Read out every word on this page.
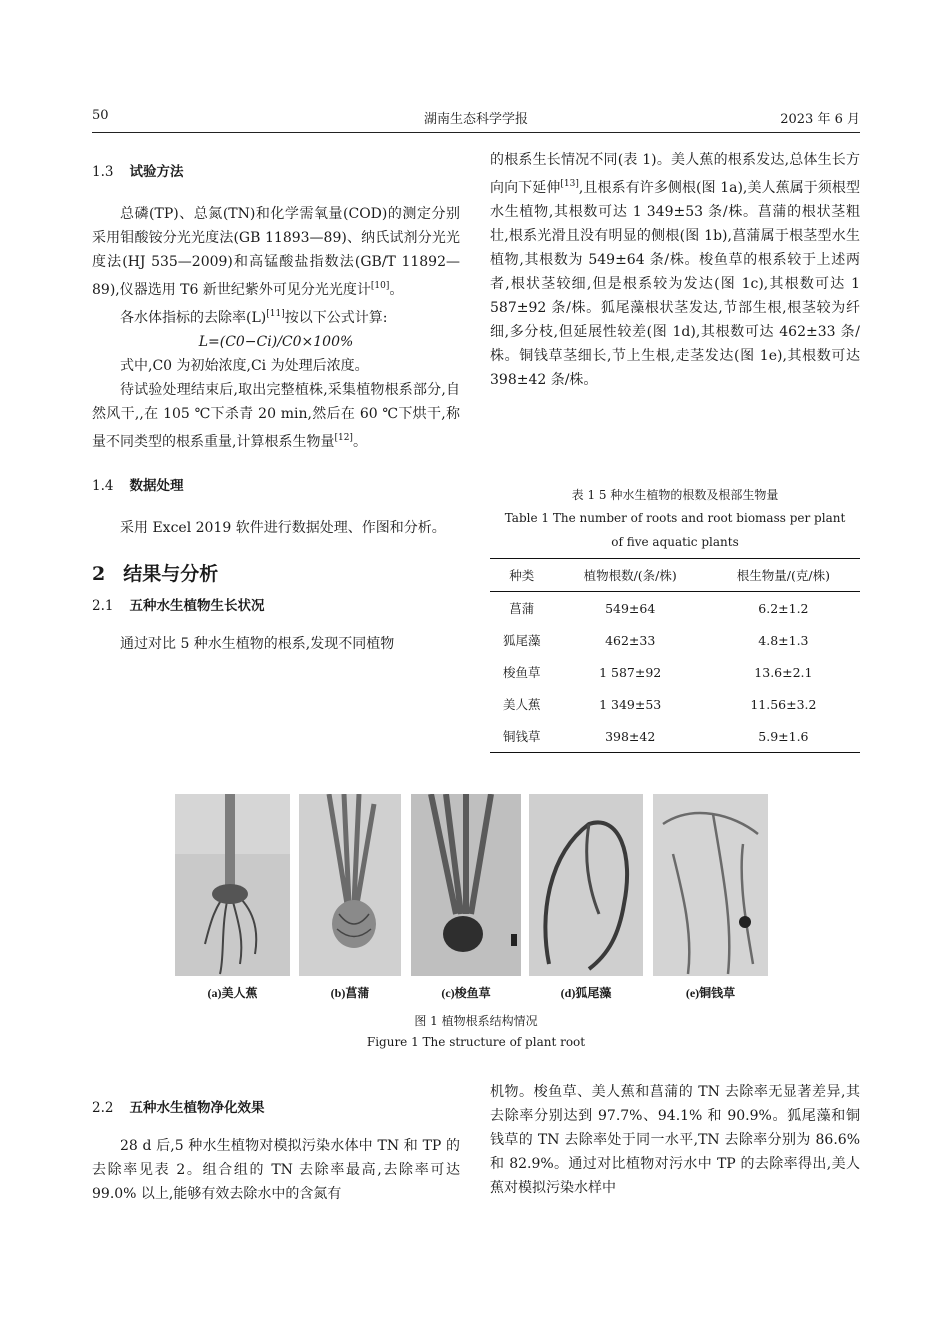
50	湖南生态科学学报	2023 年 6 月
1.3 试验方法

总磷(TP)、总氮(TN)和化学需氧量(COD)的测定分别采用钼酸铵分光光度法(GB 11893—89)、纳氏试剂分光光度法(HJ 535—2009)和高锰酸盐指数法(GB/T 11892—89),仪器选用 T6 新世纪紫外可见分光光度计[10]。

各水体指标的去除率(L)[11]按以下公式计算:

L=(C0−Ci)/C0×100%

式中,C0 为初始浓度,Ci 为处理后浓度。

待试验处理结束后,取出完整植株,采集植物根系部分,自然风干,,在 105 ℃下杀青 20 min,然后在 60 ℃下烘干,称量不同类型的根系重量,计算根系生物量[12]。

1.4 数据处理

采用 Excel 2019 软件进行数据处理、作图和分析。

2 结果与分析
2.1 五种水生植物生长状况

通过对比 5 种水生植物的根系,发现不同植物

的根系生长情况不同(表 1)。美人蕉的根系发达,总体生长方向向下延伸[13],且根系有许多侧根(图 1a),美人蕉属于须根型水生植物,其根数可达 1 349±53 条/株。菖蒲的根状茎粗壮,根系光滑且没有明显的侧根(图 1b),菖蒲属于根茎型水生植物,其根数为 549±64 条/株。梭鱼草的根系较于上述两者,根状茎较细,但是根系较为发达(图 1c),其根数可达 1 587±92 条/株。狐尾藻根状茎发达,节部生根,根茎较为纤细,多分枝,但延展性较差(图 1d),其根数可达 462±33 条/株。铜钱草茎细长,节上生根,走茎发达(图 1e),其根数可达 398±42 条/株。

表 1 5 种水生植物的根数及根部生物量
Table 1 The number of roots and root biomass per plant
of five aquatic plants
种类	植物根数/(条/株)	根生物量/(克/株)
菖蒲	549±64	6.2±1.2
狐尾藻	462±33	4.8±1.3
梭鱼草	1 587±92	13.6±2.1
美人蕉	1 349±53	11.56±3.2
铜钱草	398±42	5.9±1.6
(a)美人蕉	(b)菖蒲	(c)梭鱼草	(d)狐尾藻	(e)铜钱草
图 1 植物根系结构情况
Figure 1 The structure of plant root
2.2 五种水生植物净化效果

28 d 后,5 种水生植物对模拟污染水体中 TN 和 TP 的去除率见表 2。组合组的 TN 去除率最高,去除率可达 99.0% 以上,能够有效去除水中的含氮有

机物。梭鱼草、美人蕉和菖蒲的 TN 去除率无显著差异,其去除率分别达到 97.7%、94.1% 和 90.9%。狐尾藻和铜钱草的 TN 去除率处于同一水平,TN 去除率分别为 86.6% 和 82.9%。通过对比植物对污水中 TP 的去除率得出,美人蕉对模拟污染水样中
